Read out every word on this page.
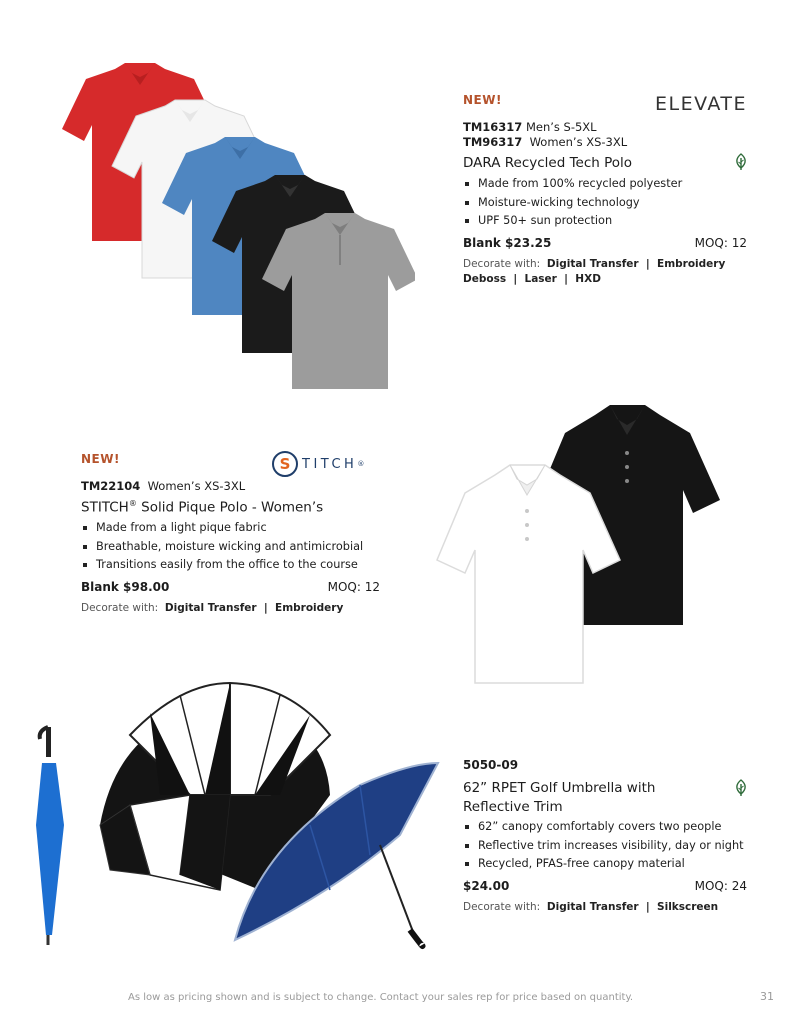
NEW!	ELEVATE
TM16317 Men’s S-5XL
TM96317 Women’s XS-3XL
DARA Recycled Tech Polo
Made from 100% recycled polyester
Moisture-wicking technology
UPF 50+ sun protection
Blank $23.25	MOQ: 12
Decorate with: Digital Transfer  |  Embroidery
Deboss  |  Laser  |  HXD
NEW!	S TITCH ®
TM22104 Women’s XS-3XL
STITCH® Solid Pique Polo - Women’s
Made from a light pique fabric
Breathable, moisture wicking and antimicrobial
Transitions easily from the office to the course
Blank $98.00	MOQ: 12
Decorate with: Digital Transfer  |  Embroidery
5050-09
62” RPET Golf Umbrella with
Reflective Trim
62” canopy comfortably covers two people
Reflective trim increases visibility, day or night
Recycled, PFAS-free canopy material
$24.00	MOQ: 24
Decorate with: Digital Transfer  |  Silkscreen
As low as pricing shown and is subject to change. Contact your sales rep for price based on quantity.	31
